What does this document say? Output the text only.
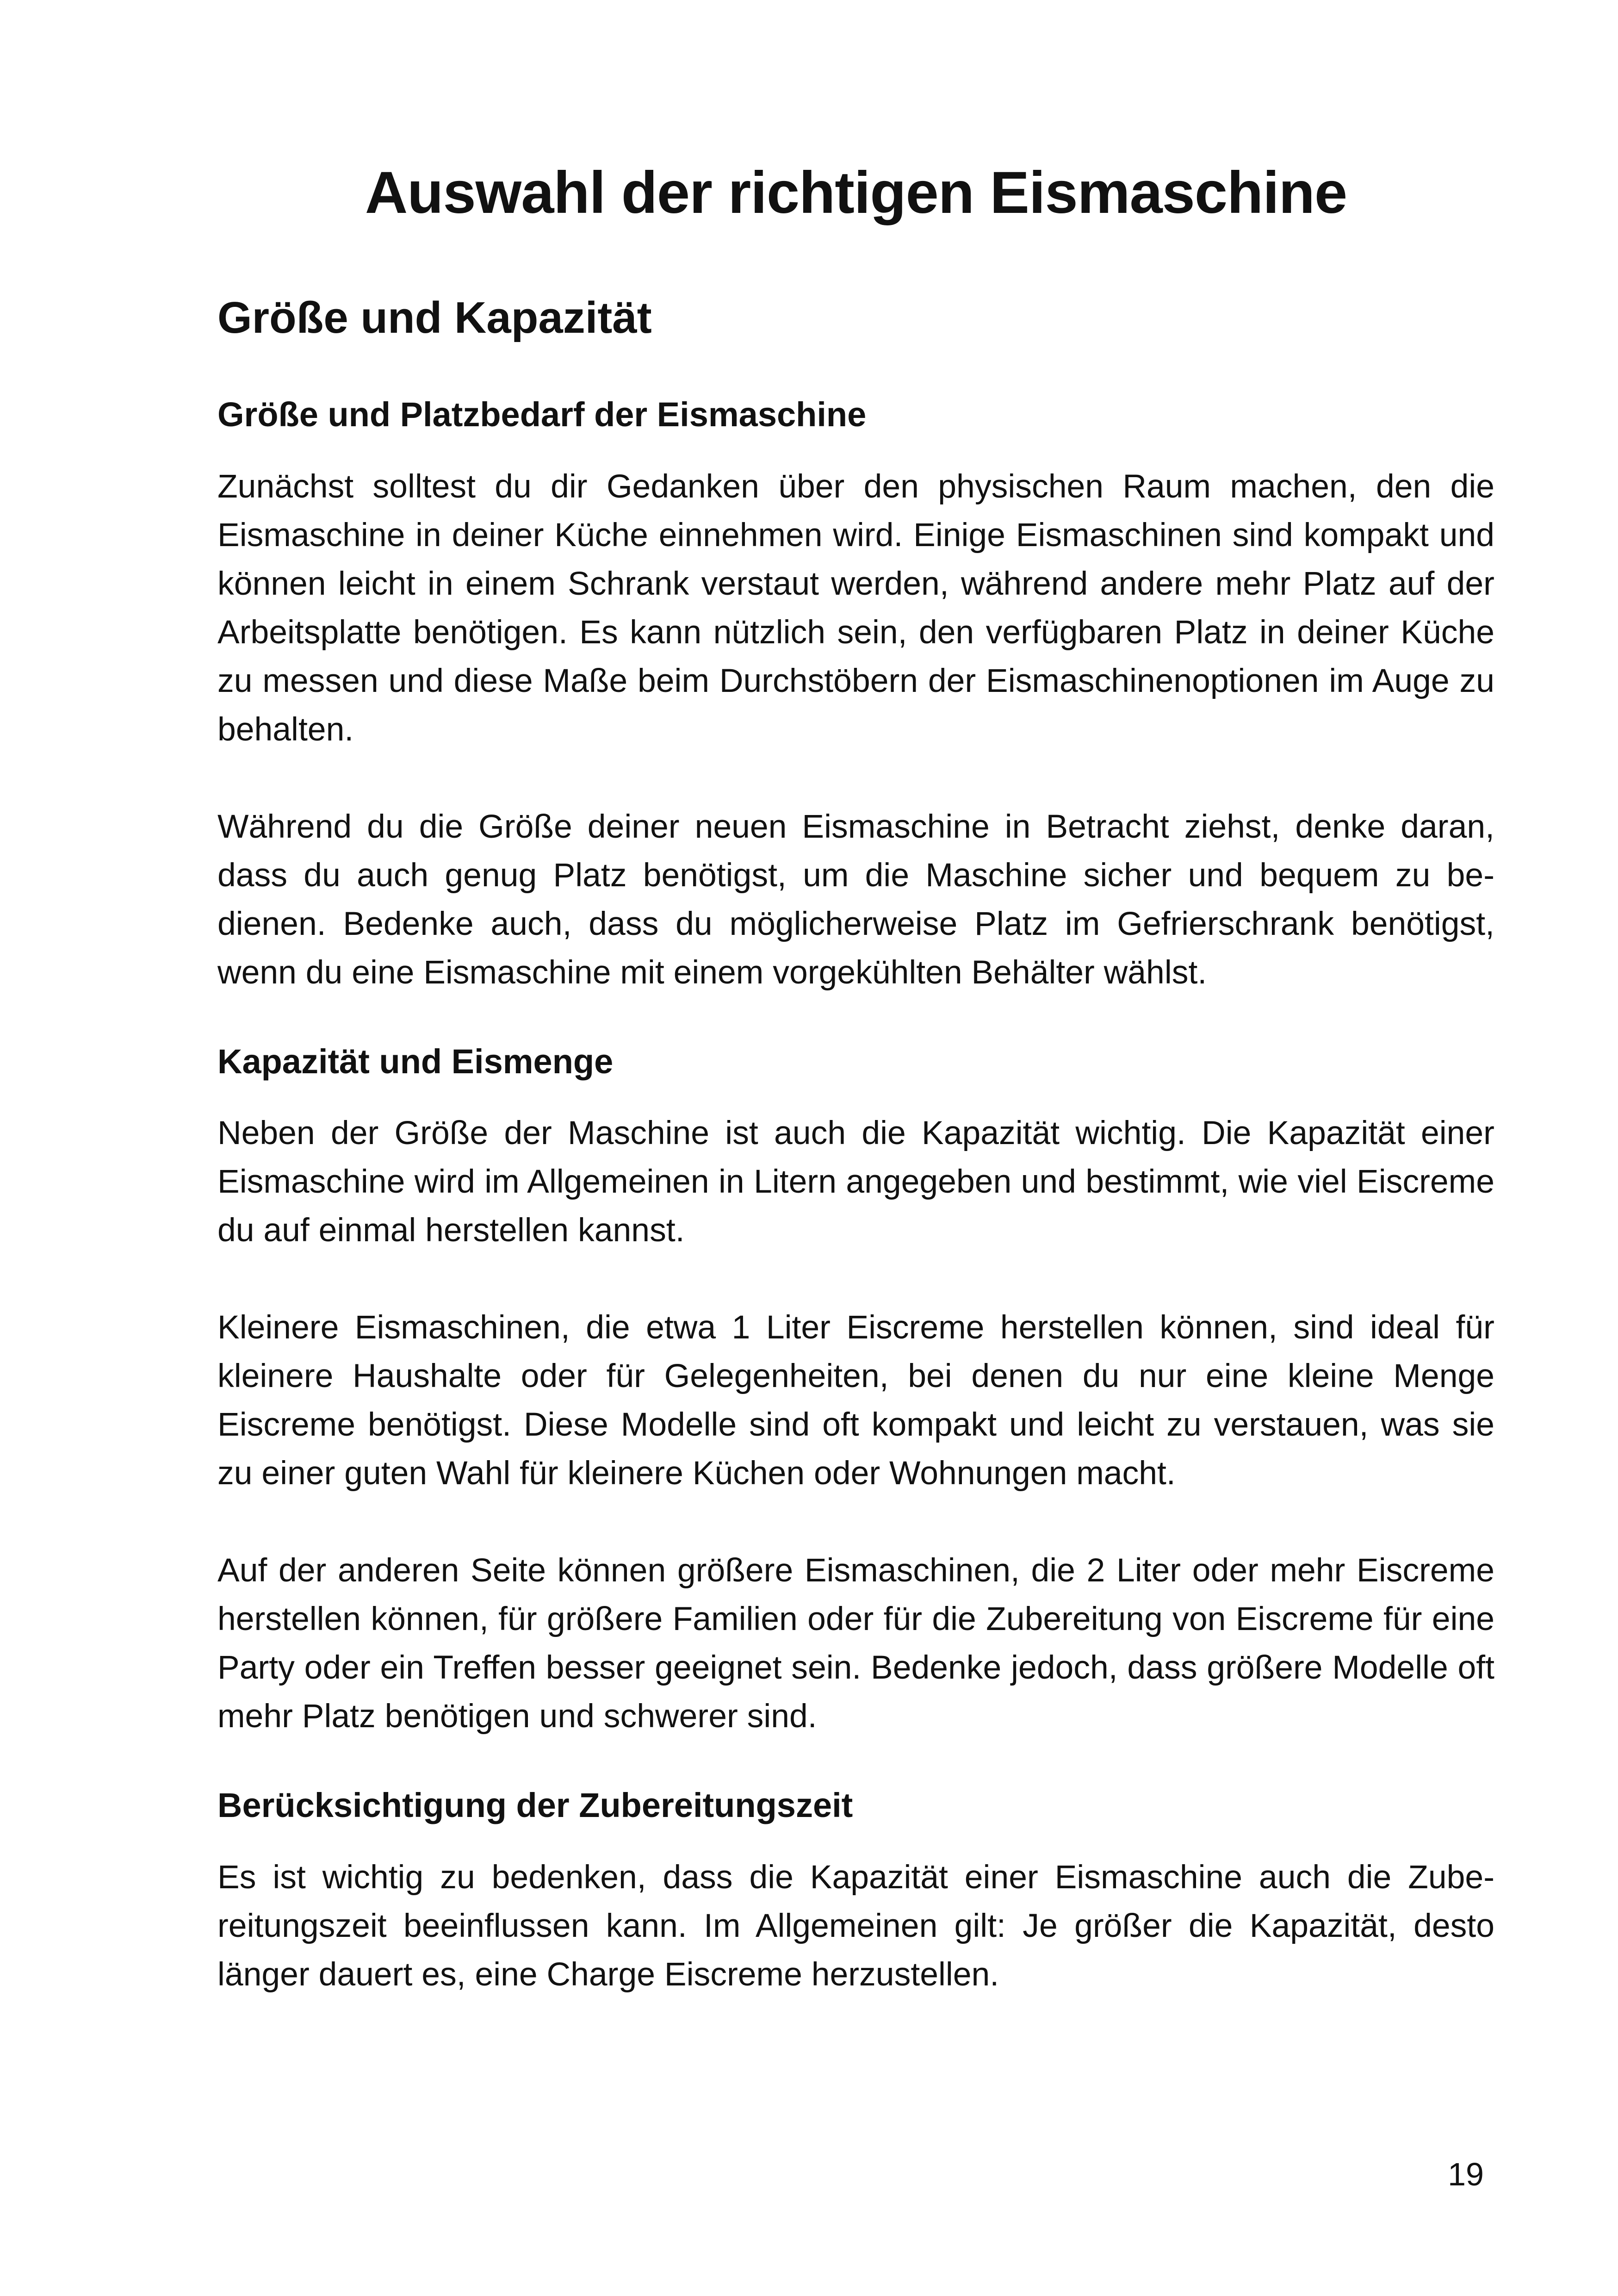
Auswahl der richtigen Eismaschine
Größe und Kapazität
Größe und Platzbedarf der Eismaschine

Zunächst solltest du dir Gedanken über den physischen Raum machen, den die Eismaschine in deiner Küche einnehmen wird. Einige Eismaschinen sind kompakt und können leicht in einem Schrank verstaut werden, während andere mehr Platz auf der Arbeitsplatte benötigen. Es kann nützlich sein, den verfügbaren Platz in deiner Küche zu messen und diese Maße beim Durchstöbern der Eismaschinenoptionen im Auge zu behalten.

Während du die Größe deiner neuen Eismaschine in Betracht ziehst, denke daran, dass du auch genug Platz benötigst, um die Maschine sicher und bequem zu bedienen. Bedenke auch, dass du möglicherweise Platz im Gefrierschrank benötigst, wenn du eine Eismaschine mit einem vorgekühlten Behälter wählst.

Kapazität und Eismenge

Neben der Größe der Maschine ist auch die Kapazität wichtig. Die Kapazität einer Eismaschine wird im Allgemeinen in Litern angegeben und bestimmt, wie viel Eiscreme du auf einmal herstellen kannst.

Kleinere Eismaschinen, die etwa 1 Liter Eiscreme herstellen können, sind ideal für kleinere Haushalte oder für Gelegenheiten, bei denen du nur eine kleine Menge Eiscreme benötigst. Diese Modelle sind oft kompakt und leicht zu verstauen, was sie zu einer guten Wahl für kleinere Küchen oder Wohnungen macht.

Auf der anderen Seite können größere Eismaschinen, die 2 Liter oder mehr Eiscreme herstellen können, für größere Familien oder für die Zubereitung von Eiscreme für eine Party oder ein Treffen besser geeignet sein. Bedenke jedoch, dass größere Modelle oft mehr Platz benötigen und schwerer sind.

Berücksichtigung der Zubereitungszeit

Es ist wichtig zu bedenken, dass die Kapazität einer Eismaschine auch die Zubereitungszeit beeinflussen kann. Im Allgemeinen gilt: Je größer die Kapazität, desto länger dauert es, eine Charge Eiscreme herzustellen.

19
